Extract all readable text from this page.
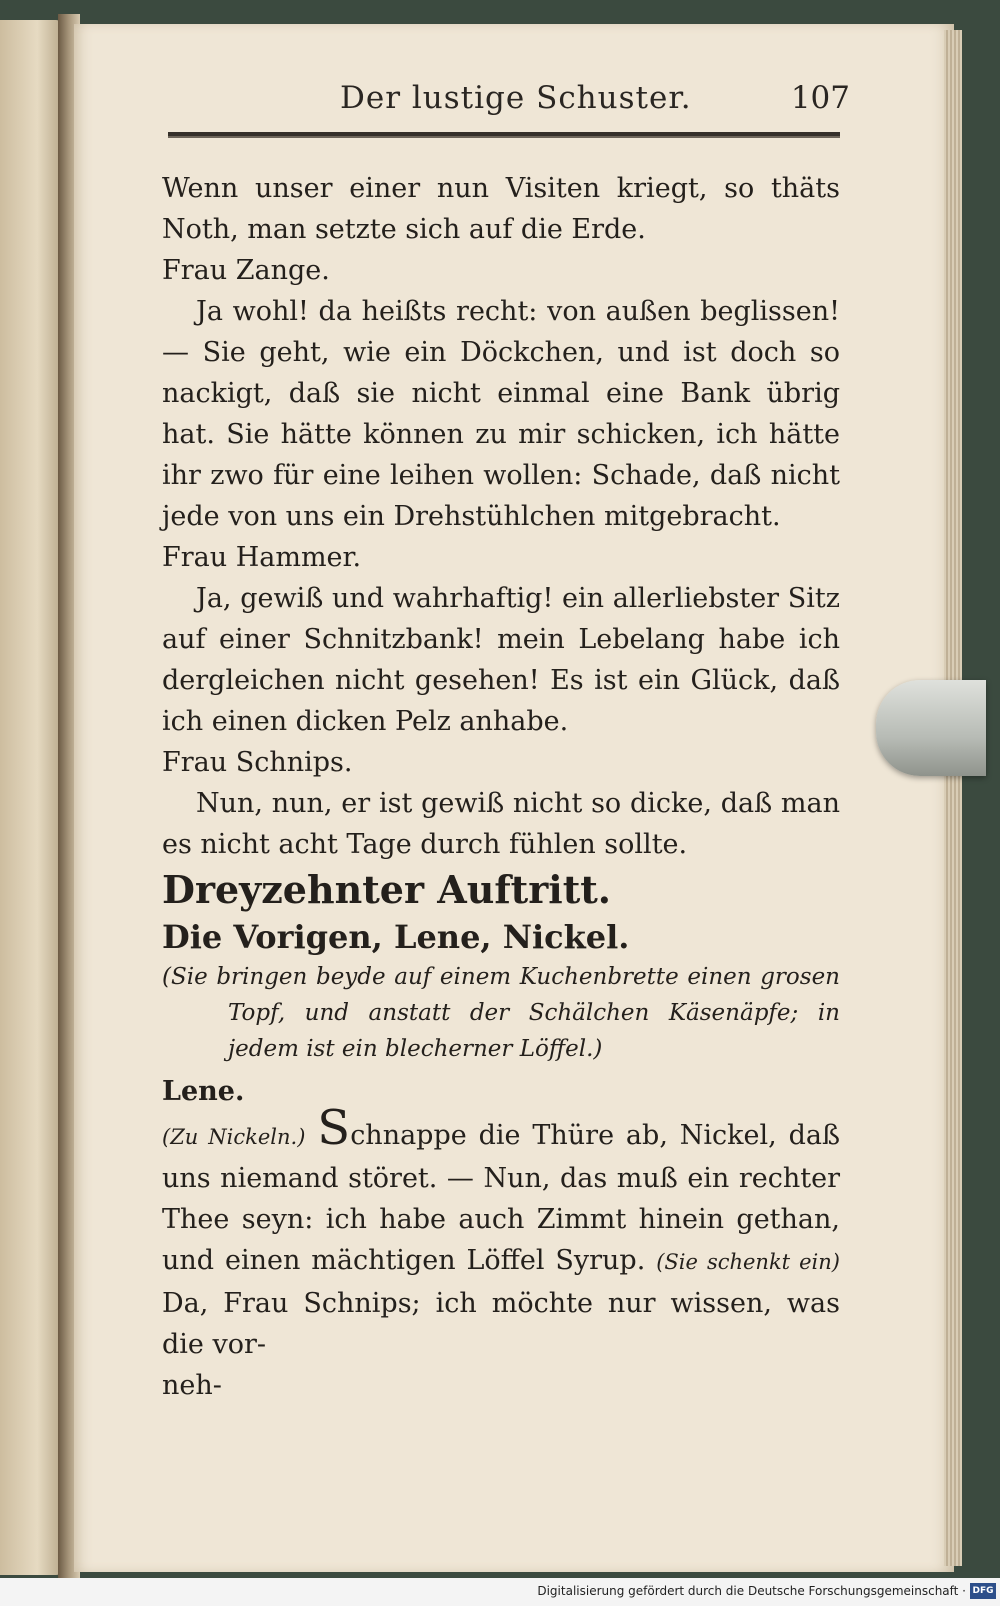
Der lustige Schuster.	107

Wenn unser einer nun Visiten kriegt, so thäts Noth, man setzte sich auf die Erde.

Frau Zange.

Ja wohl! da heißts recht: von außen beglissen! — Sie geht, wie ein Döckchen, und ist doch so nackigt, daß sie nicht einmal eine Bank übrig hat. Sie hätte können zu mir schicken, ich hätte ihr zwo für eine leihen wollen: Schade, daß nicht jede von uns ein Drehstühlchen mitgebracht.

Frau Hammer.

Ja, gewiß und wahrhaftig! ein allerliebster Sitz auf einer Schnitzbank! mein Lebelang habe ich dergleichen nicht gesehen! Es ist ein Glück, daß ich einen dicken Pelz anhabe.

Frau Schnips.

Nun, nun, er ist gewiß nicht so dicke, daß man es nicht acht Tage durch fühlen sollte.

Dreyzehnter Auftritt.

Die Vorigen, Lene, Nickel.

(Sie bringen beyde auf einem Kuchenbrette einen grosen Topf, und anstatt der Schälchen Käsenäpfe; in jedem ist ein blecherner Löffel.)

Lene.

(Zu Nickeln.) Schnappe die Thüre ab, Nickel, daß uns niemand störet. — Nun, das muß ein rechter Thee seyn: ich habe auch Zimmt hinein gethan, und einen mächtigen Löffel Syrup. (Sie schenkt ein) Da, Frau Schnips; ich möchte nur wissen, was die vor-

neh-

Digitalisierung gefördert durch die Deutsche Forschungsgemeinschaft · DFG
